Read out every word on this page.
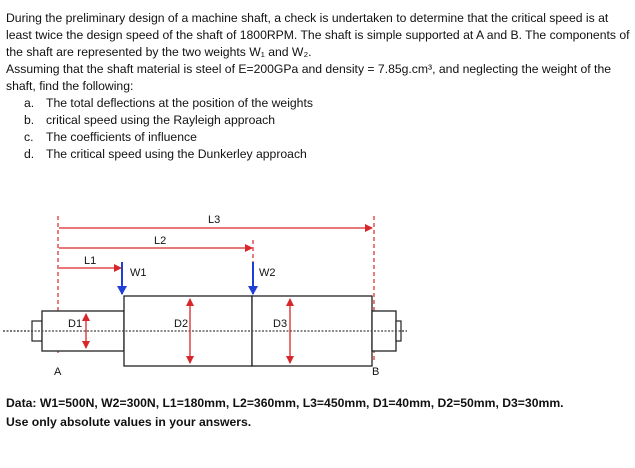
During the preliminary design of a machine shaft, a check is undertaken to determine that the critical speed is at least twice the design speed of the shaft of 1800RPM. The shaft is simple supported at A and B. The components of the shaft are represented by the two weights W₁ and W₂.

Assuming that the shaft material is steel of E=200GPa and density = 7.85g.cm³, and neglecting the weight of the shaft, find the following:

a. The total deflections at the position of the weights
b. critical speed using the Rayleigh approach
c. The coefficients of influence
d. The critical speed using the Dunkerley approach
L3
L2
L1
W1	W2
D1	D2	D3
A	B

Data: W1=500N, W2=300N, L1=180mm, L2=360mm, L3=450mm, D1=40mm, D2=50mm, D3=30mm.

Use only absolute values in your answers.
